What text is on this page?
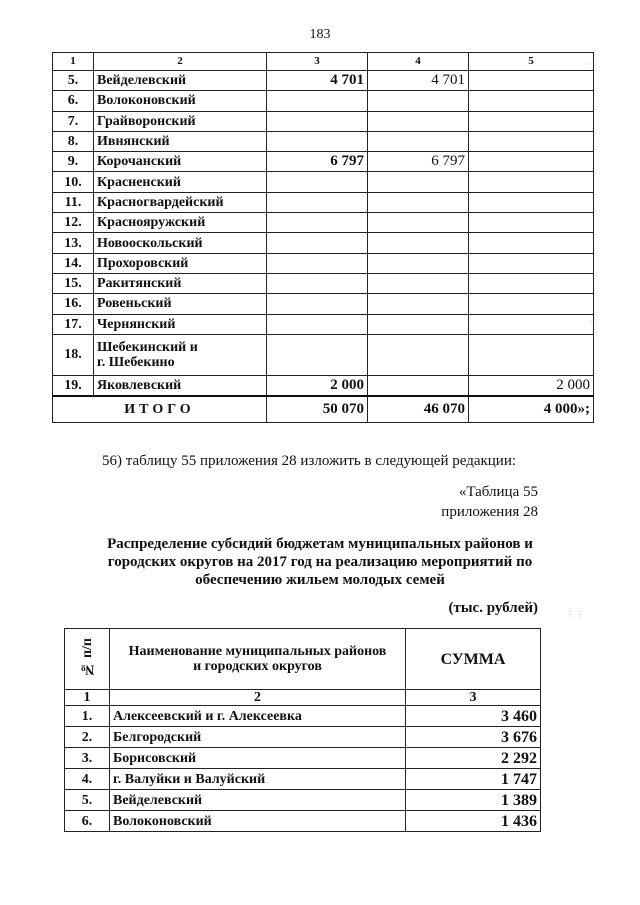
183
1	2	3	4	5
5.	Вейделевский	4 701	4 701	
6.	Волоконовский			
7.	Грайворонский			
8.	Ивнянский			
9.	Корочанский	6 797	6 797	
10.	Красненский			
11.	Красногвардейский			
12.	Краснояружский			
13.	Новооскольский			
14.	Прохоровский			
15.	Ракитянский			
16.	Ровеньский			
17.	Чернянский			
18.	Шебекинский и
г. Шебекино			

19.	Яковлевский	2 000		2 000
ИТОГО		50 070	46 070	4 000»;

56) таблицу 55 приложения 28 изложить в следующей редакции:

«Таблица 55

приложения 28

Распределение субсидий бюджетам муниципальных районов и
городских округов на 2017 год на реализацию мероприятий по
обеспечению жильем молодых семей

(тыс. рублей)

№ п/п	Наименование муниципальных районов
и городских округов	СУММА
1	2	3
1.	Алексеевский и г. Алексеевка	3 460
2.	Белгородский	3 676
3.	Борисовский	2 292
4.	г. Валуйки и Валуйский	1 747
5.	Вейделевский	1 389
6.	Волоконовский	1 436
· · ·
⋮ ⋮
· ·
